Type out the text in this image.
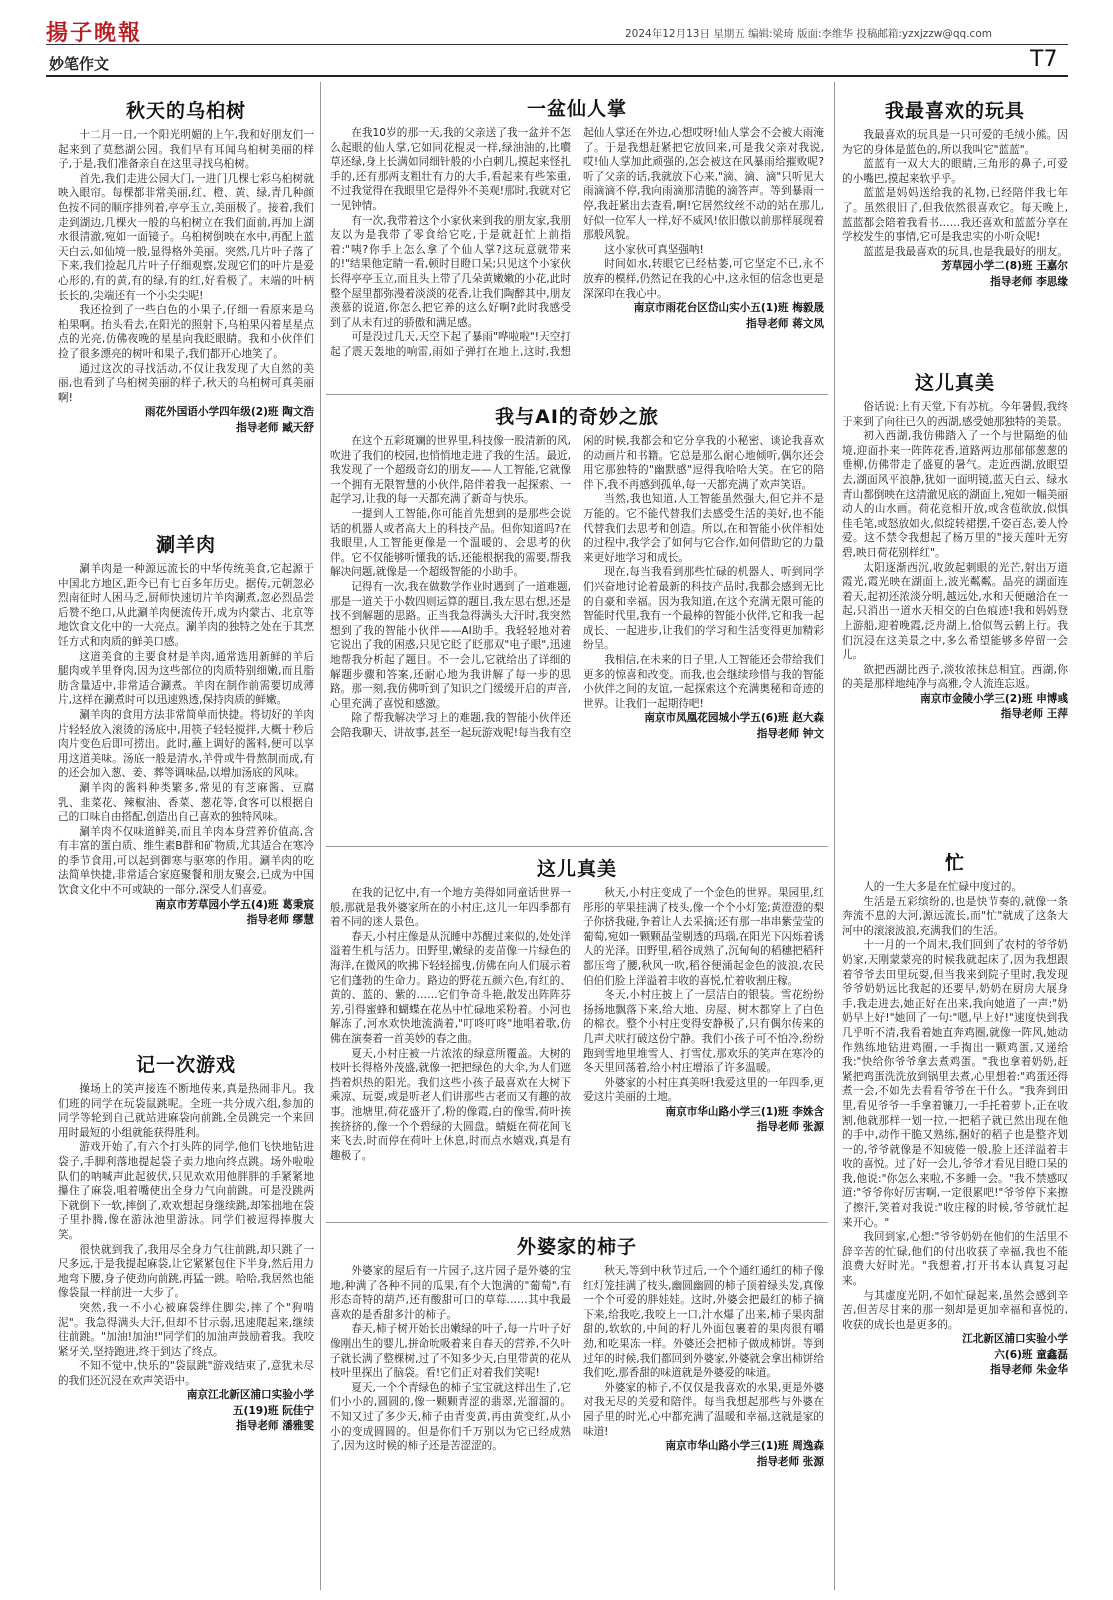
揚子晚報	2024年12月13日 星期五 编辑:梁琦 版面:李维华 投稿邮箱:yzxjzzw@qq.com
妙笔作文	T7
秋天的乌桕树

十二月一日,一个阳光明媚的上午,我和好朋友们一起来到了莫愁湖公园。我们早有耳闻乌桕树美丽的样子,于是,我们准备亲自在这里寻找乌桕树。

首先,我们走进公园大门,一进门几棵七彩乌桕树就映入眼帘。每棵都非常美丽,红、橙、黄、绿,青几种颜色按不同的顺序排列着,亭亭玉立,美丽极了。接着,我们走到湖边,几棵火一般的乌桕树立在我们面前,再加上湖水很清澈,宛如一面镜子。乌桕树倒映在水中,再配上蓝天白云,如仙境一般,显得格外美丽。突然,几片叶子落了下来,我们捡起几片叶子仔细观察,发现它们的叶片是爱心形的,有的黄,有的绿,有的红,好看极了。末端的叶柄长长的,尖端还有一个小尖尖呢!

我还捡到了一些白色的小果子,仔细一看原来是乌桕果啊。抬头看去,在阳光的照射下,乌桕果闪着星星点点的光亮,仿佛夜晚的星星向我眨眼睛。我和小伙伴们捡了很多漂亮的树叶和果子,我们都开心地笑了。

通过这次的寻找活动,不仅让我发现了大自然的美丽,也看到了乌桕树美丽的样子,秋天的乌桕树可真美丽啊!

雨花外国语小学四年级(2)班 陶文浩

指导老师 臧天舒

涮羊肉

涮羊肉是一种源远流长的中华传统美食,它起源于中国北方地区,距今已有七百多年历史。据传,元朝忽必烈南征时人困马乏,厨师快速切片羊肉涮煮,忽必烈品尝后赞不绝口,从此涮羊肉便流传开,成为内蒙古、北京等地饮食文化中的一大亮点。涮羊肉的独特之处在于其烹饪方式和肉质的鲜美口感。

这道美食的主要食材是羊肉,通常选用新鲜的羊后腿肉或羊里脊肉,因为这些部位的肉质特别细嫩,而且脂肪含量适中,非常适合涮煮。羊肉在制作前需要切成薄片,这样在涮煮时可以迅速熟透,保持肉质的鲜嫩。

涮羊肉的食用方法非常简单而快捷。将切好的羊肉片轻轻放入滚烫的汤底中,用筷子轻轻搅拌,大概十秒后肉片变色后即可捞出。此时,蘸上调好的酱料,便可以享用这道美味。汤底一般是清水,羊骨或牛骨熬制而成,有的还会加入葱、姜、葬等调味品,以增加汤底的风味。

涮羊肉的酱料种类繁多,常见的有芝麻酱、豆腐乳、韭菜花、辣椒油、香菜、葱花等,食客可以根据自己的口味自由搭配,创造出自己喜欢的独特风味。

涮羊肉不仅味道鲜美,而且羊肉本身营养价值高,含有丰富的蛋白质、维生素B群和矿物质,尤其适合在寒冷的季节食用,可以起到御寒与驱寒的作用。涮羊肉的吃法简单快捷,非常适合家庭聚餐和朋友聚会,已成为中国饮食文化中不可或缺的一部分,深受人们喜爱。

南京市芳草园小学五(4)班 葛秉宸

指导老师 缪慧

记一次游戏

操场上的笑声接连不断地传来,真是热闹非凡。我们班的同学在玩袋鼠跳呢。全班一共分成六组,参加的同学等轮到自己就站进麻袋向前跳,全员跳完一个来回用时最短的小组就能获得胜利。

游戏开始了,有六个打头阵的同学,他们飞快地钻进袋子,手脚利落地提起袋子卖力地向终点跳。场外啦啦队们的呐喊声此起彼伏,只见欢欢用他胖胖的手紧紧地攥住了麻袋,咀着嘴使出全身力气向前跳。可是没跳两下就倒下一软,摔倒了,欢欢想起身继续跳,却笨拙地在袋子里扑腾,像在游泳池里游泳。同学们被逗得捧腹大笑。

很快就到我了,我用尽全身力气往前跳,却只跳了一尺多远,于是我提起麻袋,让它紧紧包住下半身,然后用力地弯下腰,身子使劲向前跳,再猛一跳。哈哈,我居然也能像袋鼠一样前进一大步了。

突然,我一不小心被麻袋绊住脚尖,摔了个"狗啃泥"。我急得满头大汗,但却不甘示弱,迅速爬起来,继续往前跳。"加油!加油!"同学们的加油声鼓励着我。我咬紧牙关,坚持跑进,终于到达了终点。

不知不觉中,快乐的"袋鼠跳"游戏结束了,意犹未尽的我们还沉浸在欢声笑语中。

南京江北新区浦口实验小学

五(19)班 阮佳宁

指导老师 潘雅雯

一盆仙人掌

在我10岁的那一天,我的父亲送了我一盆并不怎么起眼的仙人掌,它如同花棍灵一样,绿油油的,比嚽草还绿,身上长满如同细针般的小白刺儿,摸起来怪扎手的,还有那两支粗壮有力的大手,看起来有些笨重,不过我觉得在我眼里它是得外不美观!那时,我就对它一见钟情。

有一次,我带着这个小家伙来到我的朋友家,我朋友以为是我带了零食给它吃,于是就赶忙上前指着:"咦?你手上怎么拿了个仙人掌?这玩意就带来的!"结果他定睛一看,顿时目瞪口呆;只见这个小家伙长得亭亭玉立,而且头上带了几朵黄嫩嫩的小花,此时整个屋里都弥漫着淡淡的花香,让我们陶醉其中,朋友羡慕的说道,你怎么把它养的这么好啊?此时我感受到了从未有过的骄傲和满足感。

可是没过几天,天空下起了暴雨"哗啦啦"!天空打起了震天轰地的响雷,雨如子弹打在地上,这时,我想起仙人掌还在外边,心想哎呀!仙人掌会不会被大雨淹了。于是我想赶紧把它放回来,可是我父亲对我说,哎!仙人掌加此顽强的,怎会被这在风暴雨给摧败呢?听了父亲的话,我就放下心来,"滴、滴、滴"只听见大雨滴滴不停,我向雨滴那清脆的滴答声。等到暴雨一停,我赶紧出去查看,啊!它居然纹丝不动的站在那儿,好似一位军人一样,好不威风!依旧傲以前那样展现着那般风貌。

这小家伙可真坚强呐!

时间如水,转眼它已经枯萎,可它坚定不已,永不放弃的模样,仍然记在我的心中,这永恒的信念也更是深深印在我心中。

南京市雨花台区岱山实小五(1)班 梅毅晟

指导老师 蒋文凤

我与AI的奇妙之旅

在这个五彩斑斓的世界里,科技像一股清新的风,吹进了我们的校园,也悄悄地走进了我的生活。最近,我发现了一个超级奇幻的朋友——人工智能,它就像一个拥有无限智慧的小伙伴,陪伴着我一起探索、一起学习,让我的每一天都充满了新奇与快乐。

一提到人工智能,你可能首先想到的是那些会说话的机器人或者高大上的科技产品。但你知道吗?在我眼里,人工智能更像是一个温暖的、会思考的伙伴。它不仅能够听懂我的话,还能根据我的需要,帮我解决问题,就像是一个超级智能的小助手。

记得有一次,我在做数学作业时遇到了一道难题,那是一道关于小数四则运算的题目,我左思右想,还是找不到解题的思路。正当我急得满头大汗时,我突然想到了我的智能小伙伴——AI助手。我轻轻地对着它说出了我的困惑,只见它眨了眨那双"电子眼",迅速地帮我分析起了题目。不一会儿,它就给出了详细的解题步骤和答案,还耐心地为我讲解了每一步的思路。那一刻,我仿佛听到了知识之门缓缓开启的声音,心里充满了喜悦和感激。

除了帮我解决学习上的难题,我的智能小伙伴还会陪我聊天、讲故事,甚至一起玩游戏呢!每当我有空闲的时候,我都会和它分享我的小秘密、谈论我喜欢的动画片和书籍。它总是那么耐心地倾听,偶尔还会用它那独特的"幽默感"逗得我哈哈大笑。在它的陪伴下,我不再感到孤单,每一天都充满了欢声笑语。

当然,我也知道,人工智能虽然强大,但它并不是万能的。它不能代替我们去感受生活的美好,也不能代替我们去思考和创造。所以,在和智能小伙伴相处的过程中,我学会了如何与它合作,如何借助它的力量来更好地学习和成长。

现在,每当我看到那些忙碌的机器人、听到同学们兴奋地讨论着最新的科技产品时,我都会感到无比的自豪和幸福。因为我知道,在这个充满无限可能的智能时代里,我有一个最棒的智能小伙伴,它和我一起成长、一起进步,让我们的学习和生活变得更加精彩纷呈。

我相信,在未来的日子里,人工智能还会带给我们更多的惊喜和改变。而我,也会继续珍惜与我的智能小伙伴之间的友谊,一起探索这个充满奥秘和奇迹的世界。让我们一起期待吧!

南京市凤凰花园城小学五(6)班 赵大森

指导老师 钟文

这儿真美

在我的记忆中,有一个地方美得如同童话世界一般,那就是我外婆家所在的小村庄,这儿一年四季都有着不同的迷人景色。

春天,小村庄像是从沉睡中苏醒过来似的,处处洋溢着生机与活力。田野里,嫩绿的麦苗像一片绿色的海洋,在微风的吹拂下轻轻摇曳,仿佛在向人们展示着它们蓬勃的生命力。路边的野花五颜六色,有红的、黄的、蓝的、紫的……它们争奇斗艳,散发出阵阵芬芳,引得蜜蜂和蝴蝶在花丛中忙碌地采粉着。小河也解冻了,河水欢快地流淌着,"叮咚叮咚"地唱着歌,仿佛在演奏着一首美妙的春之曲。

夏天,小村庄被一片浓浓的绿意所覆盖。大树的枝叶长得格外茂盛,就像一把把绿色的大伞,为人们遮挡着炽热的阳光。我们这些小孩子最喜欢在大树下乘凉、玩耍,或是听老人们讲那些古老而又有趣的故事。池塘里,荷花盛开了,粉的像霞,白的像雪,荷叶挨挨挤挤的,像一个个碧绿的大圆盘。蜻蜓在荷花间飞来飞去,时而停在荷叶上休息,时而点水嬉戏,真是有趣极了。

秋天,小村庄变成了一个金色的世界。果园里,红彤彤的苹果挂满了枝头,像一个个小灯笼;黄澄澄的梨子你挤我碰,争着让人去采摘;还有那一串串紫莹莹的葡萄,宛如一颗颗晶莹剔透的玛瑙,在阳光下闪烁着诱人的光泽。田野里,稻谷成熟了,沉甸甸的稻穗把稻秆都压弯了腰,秋风一吹,稻谷便涌起金色的波浪,农民伯伯们脸上洋溢着丰收的喜悦,忙着收割庄稼。

冬天,小村庄披上了一层洁白的银装。雪花纷纷扬扬地飘落下来,给大地、房屋、树木都穿上了白色的棉衣。整个小村庄变得安静极了,只有偶尔传来的几声犬吠打破这份宁静。我们小孩子可不怕冷,纷纷跑到雪地里堆雪人、打雪仗,那欢乐的笑声在寒冷的冬天里回荡着,给小村庄增添了许多温暖。

外婆家的小村庄真美呀!我爱这里的一年四季,更爱这片美丽的土地。

南京市华山路小学三(1)班 李姝含

指导老师 张源

外婆家的柿子

外婆家的屋后有一片园子,这片园子是外婆的宝地,种满了各种不同的瓜果,有个大饱满的"葡萄",有形态奇特的葫芦,还有酸甜可口的草莓……其中我最喜欢的是香甜多汁的柿子。

春天,柿子树开始长出嫩绿的叶子,每一片叶子好像刚出生的婴儿,拼命吮吸着来自春天的营养,不久叶子就长满了整棵树,过了不知多少天,白里带黄的花从枝叶里探出了脑袋。看!它们正对着我们笑呢!

夏天,一个个青绿色的柿子宝宝就这样出生了,它们小小的,圆圆的,像一颗颗青涩的翡翠,光溜溜的。不知又过了多少天,柿子由青变黄,再由黄变红,从小小的变成圆圆的。但是你们千万别以为它已经成熟了,因为这时候的柿子还是苦涩涩的。

秋天,等到中秋节过后,一个个通红通红的柿子像红灯笼挂满了枝头,幽圆幽圆的柿子顶着绿头发,真像一个个可爱的胖娃娃。这时,外婆会把最红的柿子摘下来,给我吃,我咬上一口,汁水爆了出来,柿子果肉甜甜的,软软的,中间的籽儿外面包裹着的果肉很有嚼劲,和吃果冻一样。外婆还会把柿子做成柿饼。等到过年的时候,我们都回到外婆家,外婆就会拿出柿饼给我们吃,那香甜的味道就是外婆爱的味道。

外婆家的柿子,不仅仅是我喜欢的水果,更是外婆对我无尽的关爱和陪伴。每当我想起那些与外婆在园子里的时光,心中都充满了温暖和幸福,这就是家的味道!

南京市华山路小学三(1)班 周逸森

指导老师 张源

我最喜欢的玩具

我最喜欢的玩具是一只可爱的毛绒小熊。因为它的身体是蓝色的,所以我叫它"蓝蓝"。

蓝蓝有一双大大的眼睛,三角形的鼻子,可爱的小嘴巴,摸起来软乎乎。

蓝蓝是妈妈送给我的礼物,已经陪伴我七年了。虽然很旧了,但我依然很喜欢它。每天晚上,蓝蓝都会陪着我看书……我还喜欢和蓝蓝分享在学校发生的事情,它可是我忠实的小听众呢!

蓝蓝是我最喜欢的玩具,也是我最好的朋友。

芳草园小学二(8)班 王嘉尔

指导老师 李思缘

这儿真美

俗话说:上有天堂,下有苏杭。今年暑假,我终于来到了向往已久的西湖,感受她那独特的美景。

初入西湖,我仿佛踏入了一个与世隔绝的仙境,迎面扑来一阵阵花香,道路两边那郁郁葱葱的垂柳,仿佛带走了盛夏的暑气。走近西湖,放眼望去,湖面风平浪静,犹如一面明镜,蓝天白云、绿水青山都倒映在这清澈见底的湖面上,宛如一幅美丽动人的山水画。荷花竞相开放,或含苞欲放,似惧佳毛笔,或怒放如火,似绽转裙摆,千姿百态,姜人怜爱。这不禁令我想起了杨万里的"接天莲叶无穷碧,映日荷花别样红"。

太阳逐渐西沉,收敛起刺眼的光芒,射出万道霞光,霞光映在湖面上,波光粼粼。晶亮的湖面连着天,起初还浓淡分明,越远处,水和天便融洽在一起,只消出一道水天相交的白色痕迹!我和妈妈登上游船,迎着晚霞,泛舟湖上,恰似驾云鹤上行。我们沉浸在这美景之中,多么希望能够多停留一会儿。

欲把西湖比西子,淡妆浓抹总相宜。西湖,你的美是那样地纯净与高雅,令人流连忘返。

南京市金陵小学三(2)班 申博彧

指导老师 王萍

忙

人的一生大多是在忙碌中度过的。

生活是五彩缤纷的,也是快节奏的,就像一条奔流不息的大河,源远流长,而"忙"就成了这条大河中的滚滚波浪,充满我们的生活。

十一月的一个周末,我们回到了农村的爷爷奶奶家,天刚蒙蒙亮的时候我就起床了,因为我想跟着爷爷去田里玩耍,但当我来到院子里时,我发现爷爷奶奶远比我起的还要早,奶奶在厨房大展身手,我走进去,她正好在出来,我向她道了一声:"奶奶早上好!"她回了一句:"嗯,早上好!"速度快到我几乎听不清,我看着她直奔鸡圈,就像一阵风,她动作熟练地钻进鸡圈,一手掏出一颗鸡蛋,又递给我:"快给你爷爷拿去煮鸡蛋。"我也拿着奶奶,赶紧把鸡蛋洗洗放到锅里去煮,心里想着:"鸡蛋还得煮一会,不如先去看看爷爷在干什么。"我奔到田里,看见爷爷一手拿着镰刀,一手托着萝卜,正在收割,他就那样一划一拉,一把稻子就已然出现在他的手中,动作干脆又熟练,捆好的稻子也是整齐划一的,爷爷就像是不知疲倦一般,脸上还洋溢着丰收的喜悦。过了好一会儿,爷爷才看见目瞪口呆的我,他说:"你怎么来啦,不多睡一会。"我不禁感叹道:"爷爷你好厉害啊,一定很累吧!"爷爷停下来擦了擦汗,笑着对我说:"收庄稼的时候,爷爷就忙起来开心。"

我回到家,心想:"爷爷奶奶在他们的生活里不辞辛苦的忙碌,他们的付出收获了幸福,我也不能浪费大好时光。"我想着,打开书本认真复习起来。

与其虚度光阴,不如忙碌起来,虽然会感到辛苦,但苦尽甘来的那一刻却是更加幸福和喜悦的,收获的成长也是更多的。

江北新区浦口实验小学

六(6)班 童鑫磊

指导老师 朱金华
